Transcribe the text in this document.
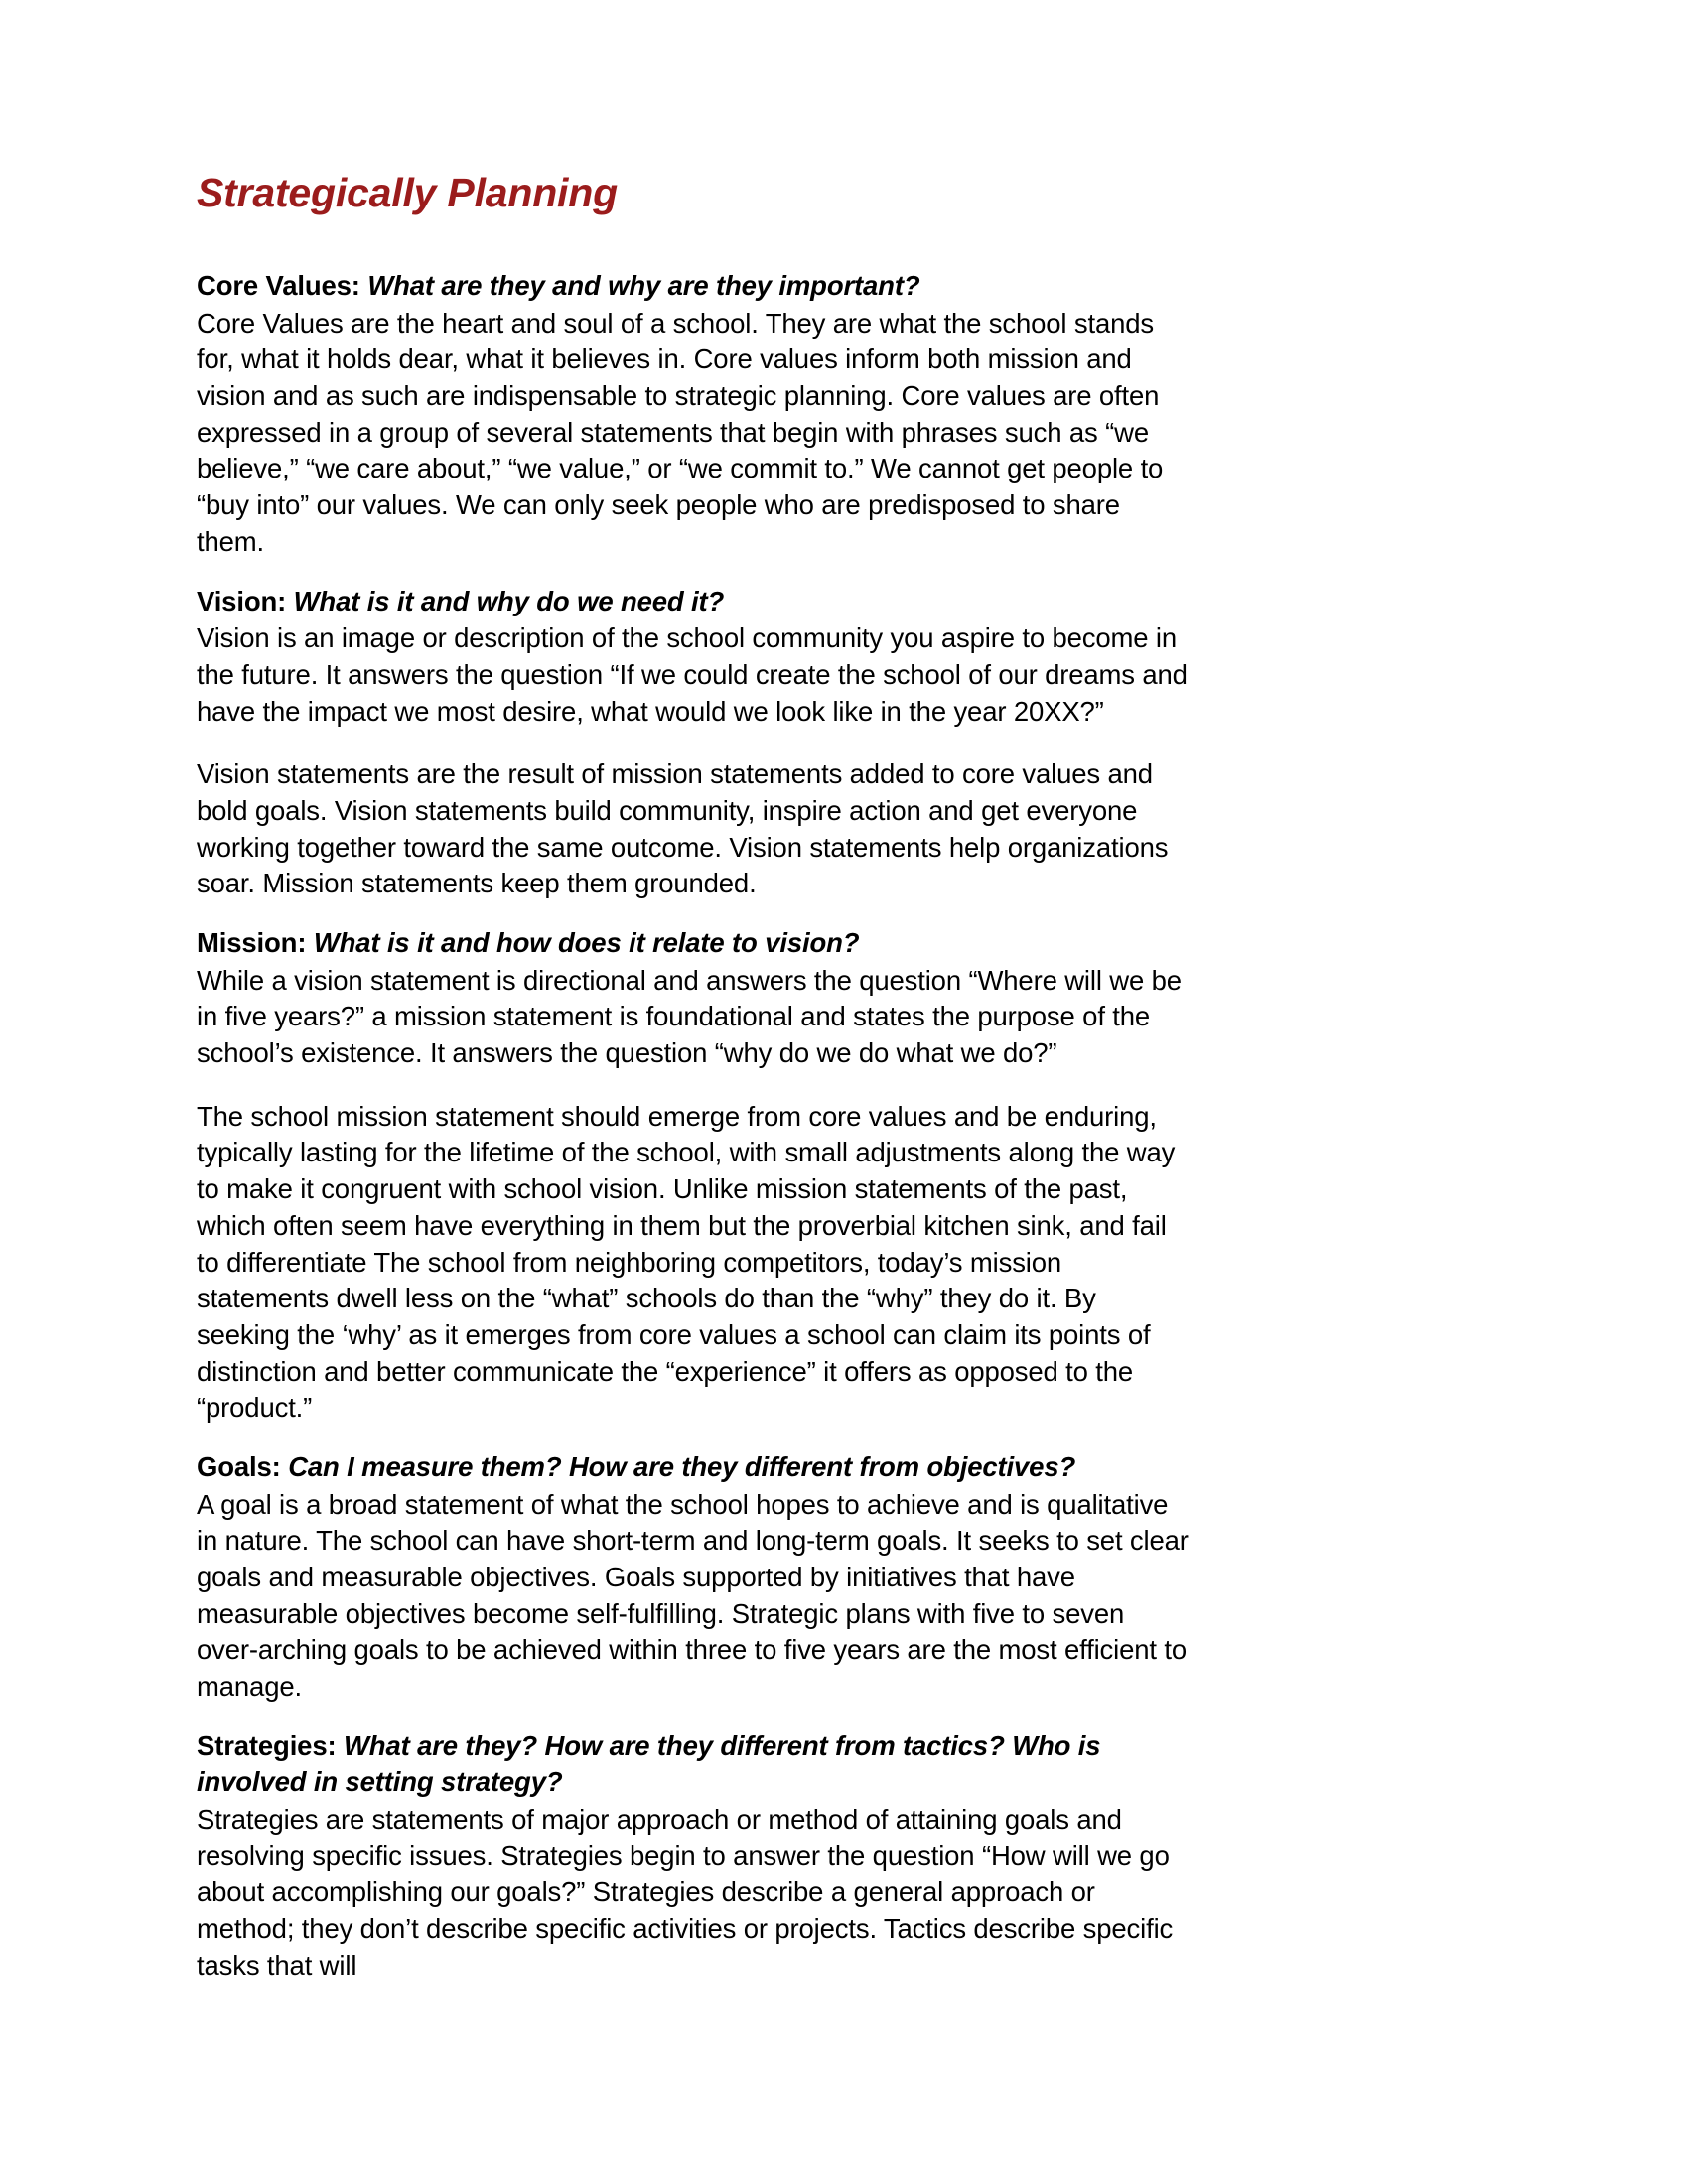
Strategically Planning
Core Values: What are they and why are they important?

Core Values are the heart and soul of a school. They are what the school stands for, what it holds dear, what it believes in. Core values inform both mission and vision and as such are indispensable to strategic planning. Core values are often expressed in a group of several statements that begin with phrases such as “we believe,” “we care about,” “we value,” or “we commit to.” We cannot get people to “buy into” our values. We can only seek people who are predisposed to share them.

Vision: What is it and why do we need it?

Vision is an image or description of the school community you aspire to become in the future. It answers the question “If we could create the school of our dreams and have the impact we most desire, what would we look like in the year 20XX?”

Vision statements are the result of mission statements added to core values and bold goals. Vision statements build community, inspire action and get everyone working together toward the same outcome. Vision statements help organizations soar. Mission statements keep them grounded.

Mission: What is it and how does it relate to vision?

While a vision statement is directional and answers the question “Where will we be in five years?” a mission statement is foundational and states the purpose of the school’s existence. It answers the question “why do we do what we do?”

The school mission statement should emerge from core values and be enduring, typically lasting for the lifetime of the school, with small adjustments along the way to make it congruent with school vision. Unlike mission statements of the past, which often seem have everything in them but the proverbial kitchen sink, and fail to differentiate The school from neighboring competitors, today’s mission statements dwell less on the “what” schools do than the “why” they do it. By seeking the ‘why’ as it emerges from core values a school can claim its points of distinction and better communicate the “experience” it offers as opposed to the “product.”

Goals: Can I measure them? How are they different from objectives?

A goal is a broad statement of what the school hopes to achieve and is qualitative in nature. The school can have short-term and long-term goals. It seeks to set clear goals and measurable objectives. Goals supported by initiatives that have measurable objectives become self-fulfilling. Strategic plans with five to seven over-arching goals to be achieved within three to five years are the most efficient to manage.

Strategies: What are they? How are they different from tactics? Who is involved in setting strategy?

Strategies are statements of major approach or method of attaining goals and resolving specific issues. Strategies begin to answer the question “How will we go about accomplishing our goals?” Strategies describe a general approach or method; they don’t describe specific activities or projects. Tactics describe specific tasks that will
